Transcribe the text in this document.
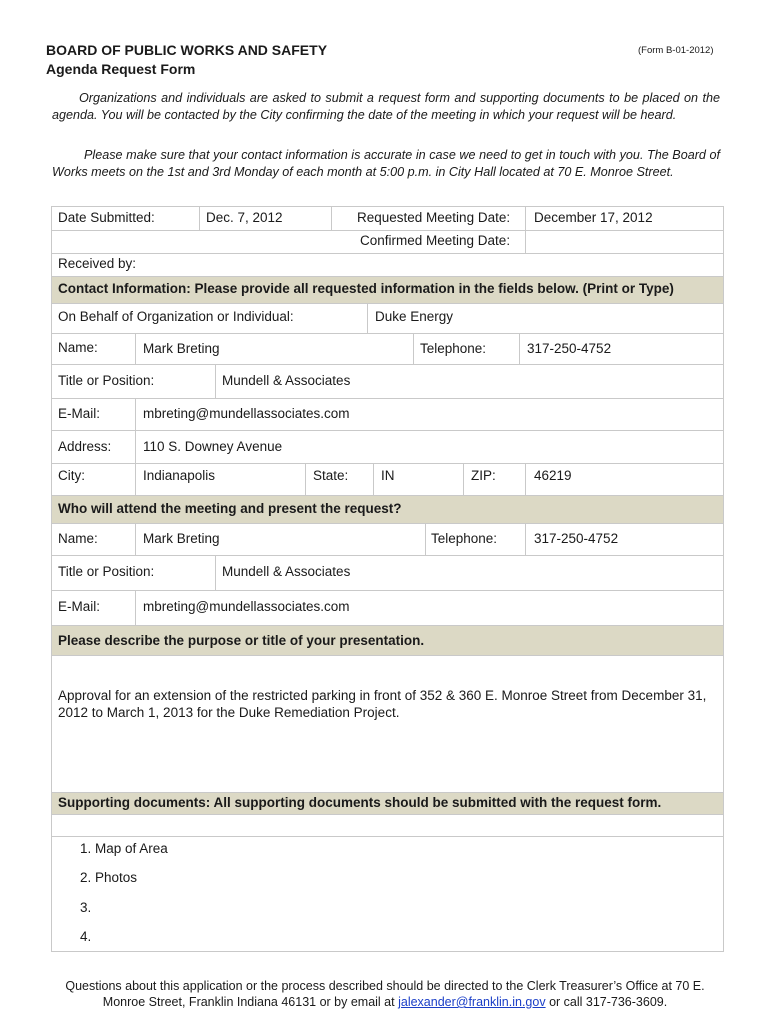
BOARD OF PUBLIC WORKS AND SAFETY
Agenda Request Form
(Form B-01-2012)
Organizations and individuals are asked to submit a request form and supporting documents to be placed on the agenda. You will be contacted by the City confirming the date of the meeting in which your request will be heard.
Please make sure that your contact information is accurate in case we need to get in touch with you. The Board of Works meets on the 1st and 3rd Monday of each month at 5:00 p.m. in City Hall located at 70 E. Monroe Street.
Date Submitted:	Dec. 7, 2012	Requested Meeting Date: December 17, 2012
Confirmed Meeting Date:
Received by:
Contact Information: Please provide all requested information in the fields below. (Print or Type)
On Behalf of Organization or Individual:	Duke Energy
Name:	Mark Breting	Telephone:	317-250-4752
Title or Position:	Mundell & Associates
E-Mail:	mbreting@mundellassociates.com
Address: 110 S. Downey Avenue
City:	Indianapolis	State: IN	ZIP:	46219
Who will attend the meeting and present the request?
Name:	Mark Breting	Telephone:	317-250-4752
Title or Position:	Mundell & Associates
E-Mail:	mbreting@mundellassociates.com
Please describe the purpose or title of your presentation.
Approval for an extension of the restricted parking in front of 352 & 360 E. Monroe Street from December 31, 2012 to March 1, 2013 for the Duke Remediation Project.
Supporting documents: All supporting documents should be submitted with the request form.
1. Map of Area
2. Photos
3.
4.
Questions about this application or the process described should be directed to the Clerk Treasurer’s Office at 70 E.
Monroe Street, Franklin Indiana 46131 or by email at jalexander@franklin.in.gov or call 317-736-3609.
